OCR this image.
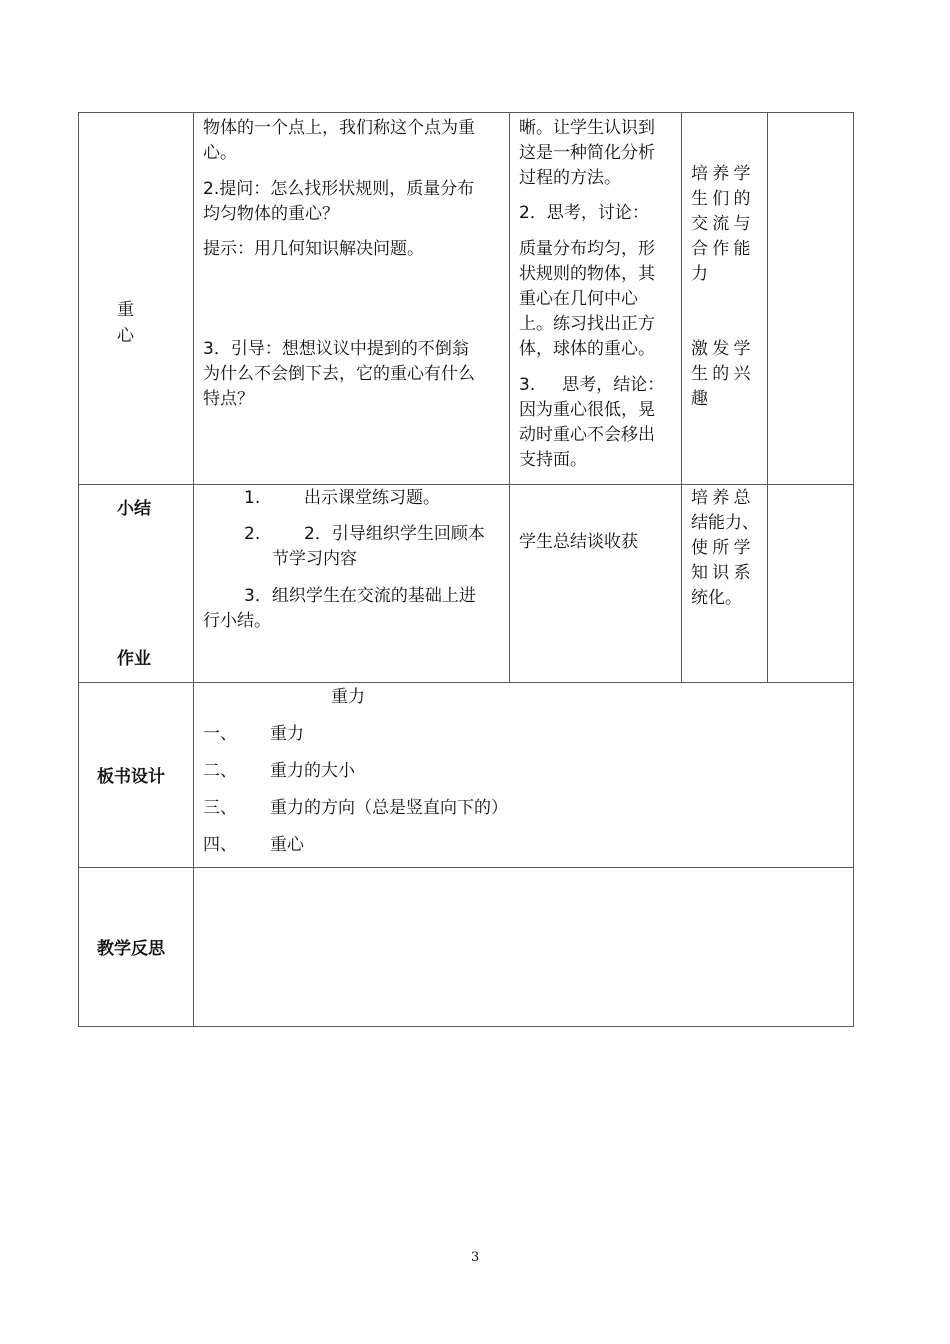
重
心
物体的一个点上，我们称这个点为重
心。
2.提问：怎么找形状规则，质量分布
均匀物体的重心？
提示：用几何知识解决问题。
3．引导：想想议议中提到的不倒翁
为什么不会倒下去，它的重心有什么
特点？
晰。让学生认识到
这是一种简化分析
过程的方法。
2．思考，讨论：
质量分布均匀，形
状规则的物体，其
重心在几何中心
上。练习找出正方
体，球体的重心。
3.     思考，结论：
因为重心很低，晃
动时重心不会移出
支持面。
培养学
生们的
交流与
合作能
力
激发学
生的兴
趣
小结
作业
1.	出示课堂练习题。
2.	2．引导组织学生回顾本
节学习内容
3．组织学生在交流的基础上进
行小结。
学生总结谈收获
培养总
结能力、
使所学
知识系
统化。
板书设计
重力
一、 重力
二、 重力的大小
三、 重力的方向（总是竖直向下的）
四、 重心
教学反思
3
